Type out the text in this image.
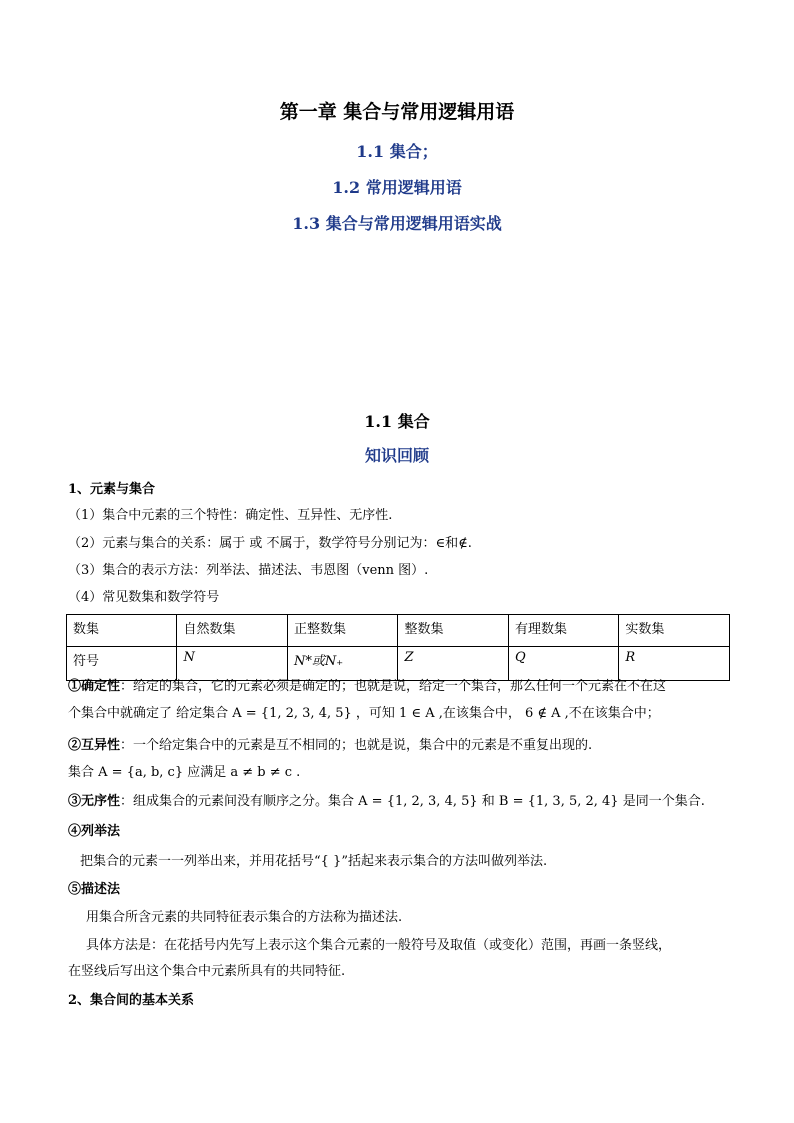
第一章 集合与常用逻辑用语
1.1 集合；
1.2 常用逻辑用语
1.3 集合与常用逻辑用语实战
1.1 集合
知识回顾
1、元素与集合
（1）集合中元素的三个特性：确定性、互异性、无序性.
（2）元素与集合的关系：属于 或 不属于，数学符号分别记为：∈和∉.
（3）集合的表示方法：列举法、描述法、韦恩图（venn 图）.
（4）常见数集和数学符号
数集	自然数集	正整数集	整数集	有理数集	实数集
符号	N	N*或N₊	Z	Q	R
①确定性：给定的集合，它的元素必须是确定的；也就是说，给定一个集合，那么任何一个元素在不在这
个集合中就确定了 给定集合 A = {1, 2, 3, 4, 5} ，可知 1 ∈ A ,在该集合中， 6 ∉ A ,不在该集合中；
②互异性：一个给定集合中的元素是互不相同的；也就是说，集合中的元素是不重复出现的.
集合 A = {a, b, c} 应满足 a ≠ b ≠ c .
③无序性：组成集合的元素间没有顺序之分。集合 A = {1, 2, 3, 4, 5} 和 B = {1, 3, 5, 2, 4} 是同一个集合.
④列举法
把集合的元素一一列举出来，并用花括号“{ }”括起来表示集合的方法叫做列举法.
⑤描述法
用集合所含元素的共同特征表示集合的方法称为描述法.
具体方法是：在花括号内先写上表示这个集合元素的一般符号及取值（或变化）范围，再画一条竖线，
在竖线后写出这个集合中元素所具有的共同特征.
2、集合间的基本关系
